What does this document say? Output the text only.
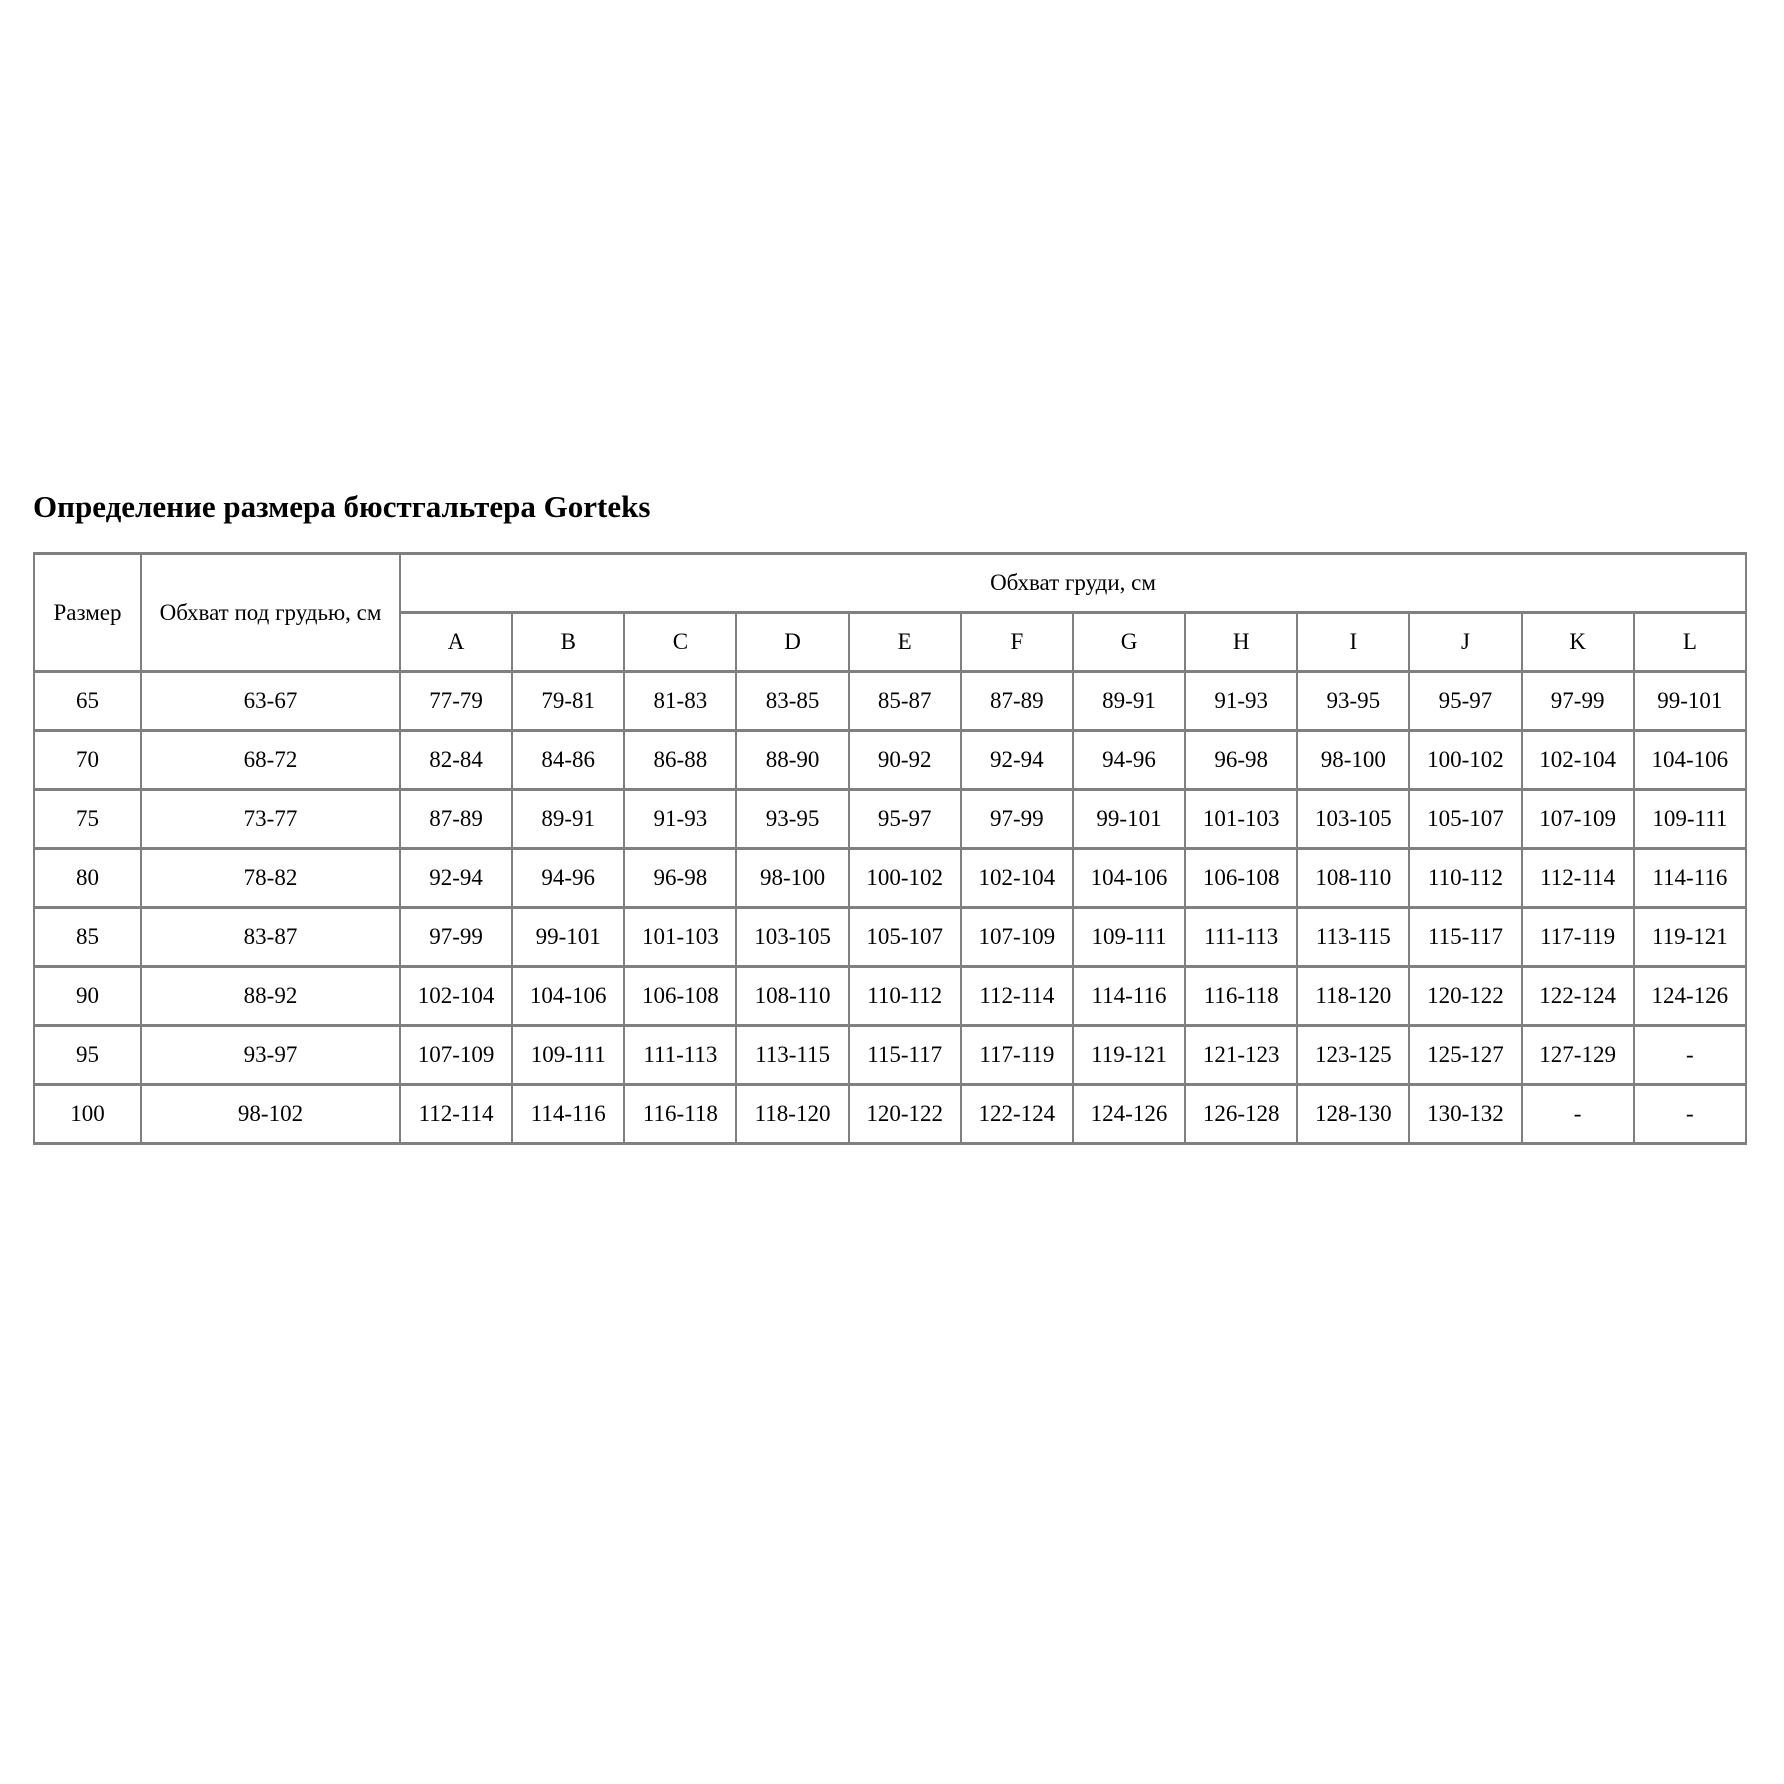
Определение размера бюстгальтера Gorteks
Размер	Обхват под грудью, см	Обхват груди, см											
		A	B	C	D	E	F	G	H	I	J	K	L
65	63-67	77-79	79-81	81-83	83-85	85-87	87-89	89-91	91-93	93-95	95-97	97-99	99-101
70	68-72	82-84	84-86	86-88	88-90	90-92	92-94	94-96	96-98	98-100	100-102	102-104	104-106
75	73-77	87-89	89-91	91-93	93-95	95-97	97-99	99-101	101-103	103-105	105-107	107-109	109-111
80	78-82	92-94	94-96	96-98	98-100	100-102	102-104	104-106	106-108	108-110	110-112	112-114	114-116
85	83-87	97-99	99-101	101-103	103-105	105-107	107-109	109-111	111-113	113-115	115-117	117-119	119-121
90	88-92	102-104	104-106	106-108	108-110	110-112	112-114	114-116	116-118	118-120	120-122	122-124	124-126
95	93-97	107-109	109-111	111-113	113-115	115-117	117-119	119-121	121-123	123-125	125-127	127-129	-
100	98-102	112-114	114-116	116-118	118-120	120-122	122-124	124-126	126-128	128-130	130-132	-	-
